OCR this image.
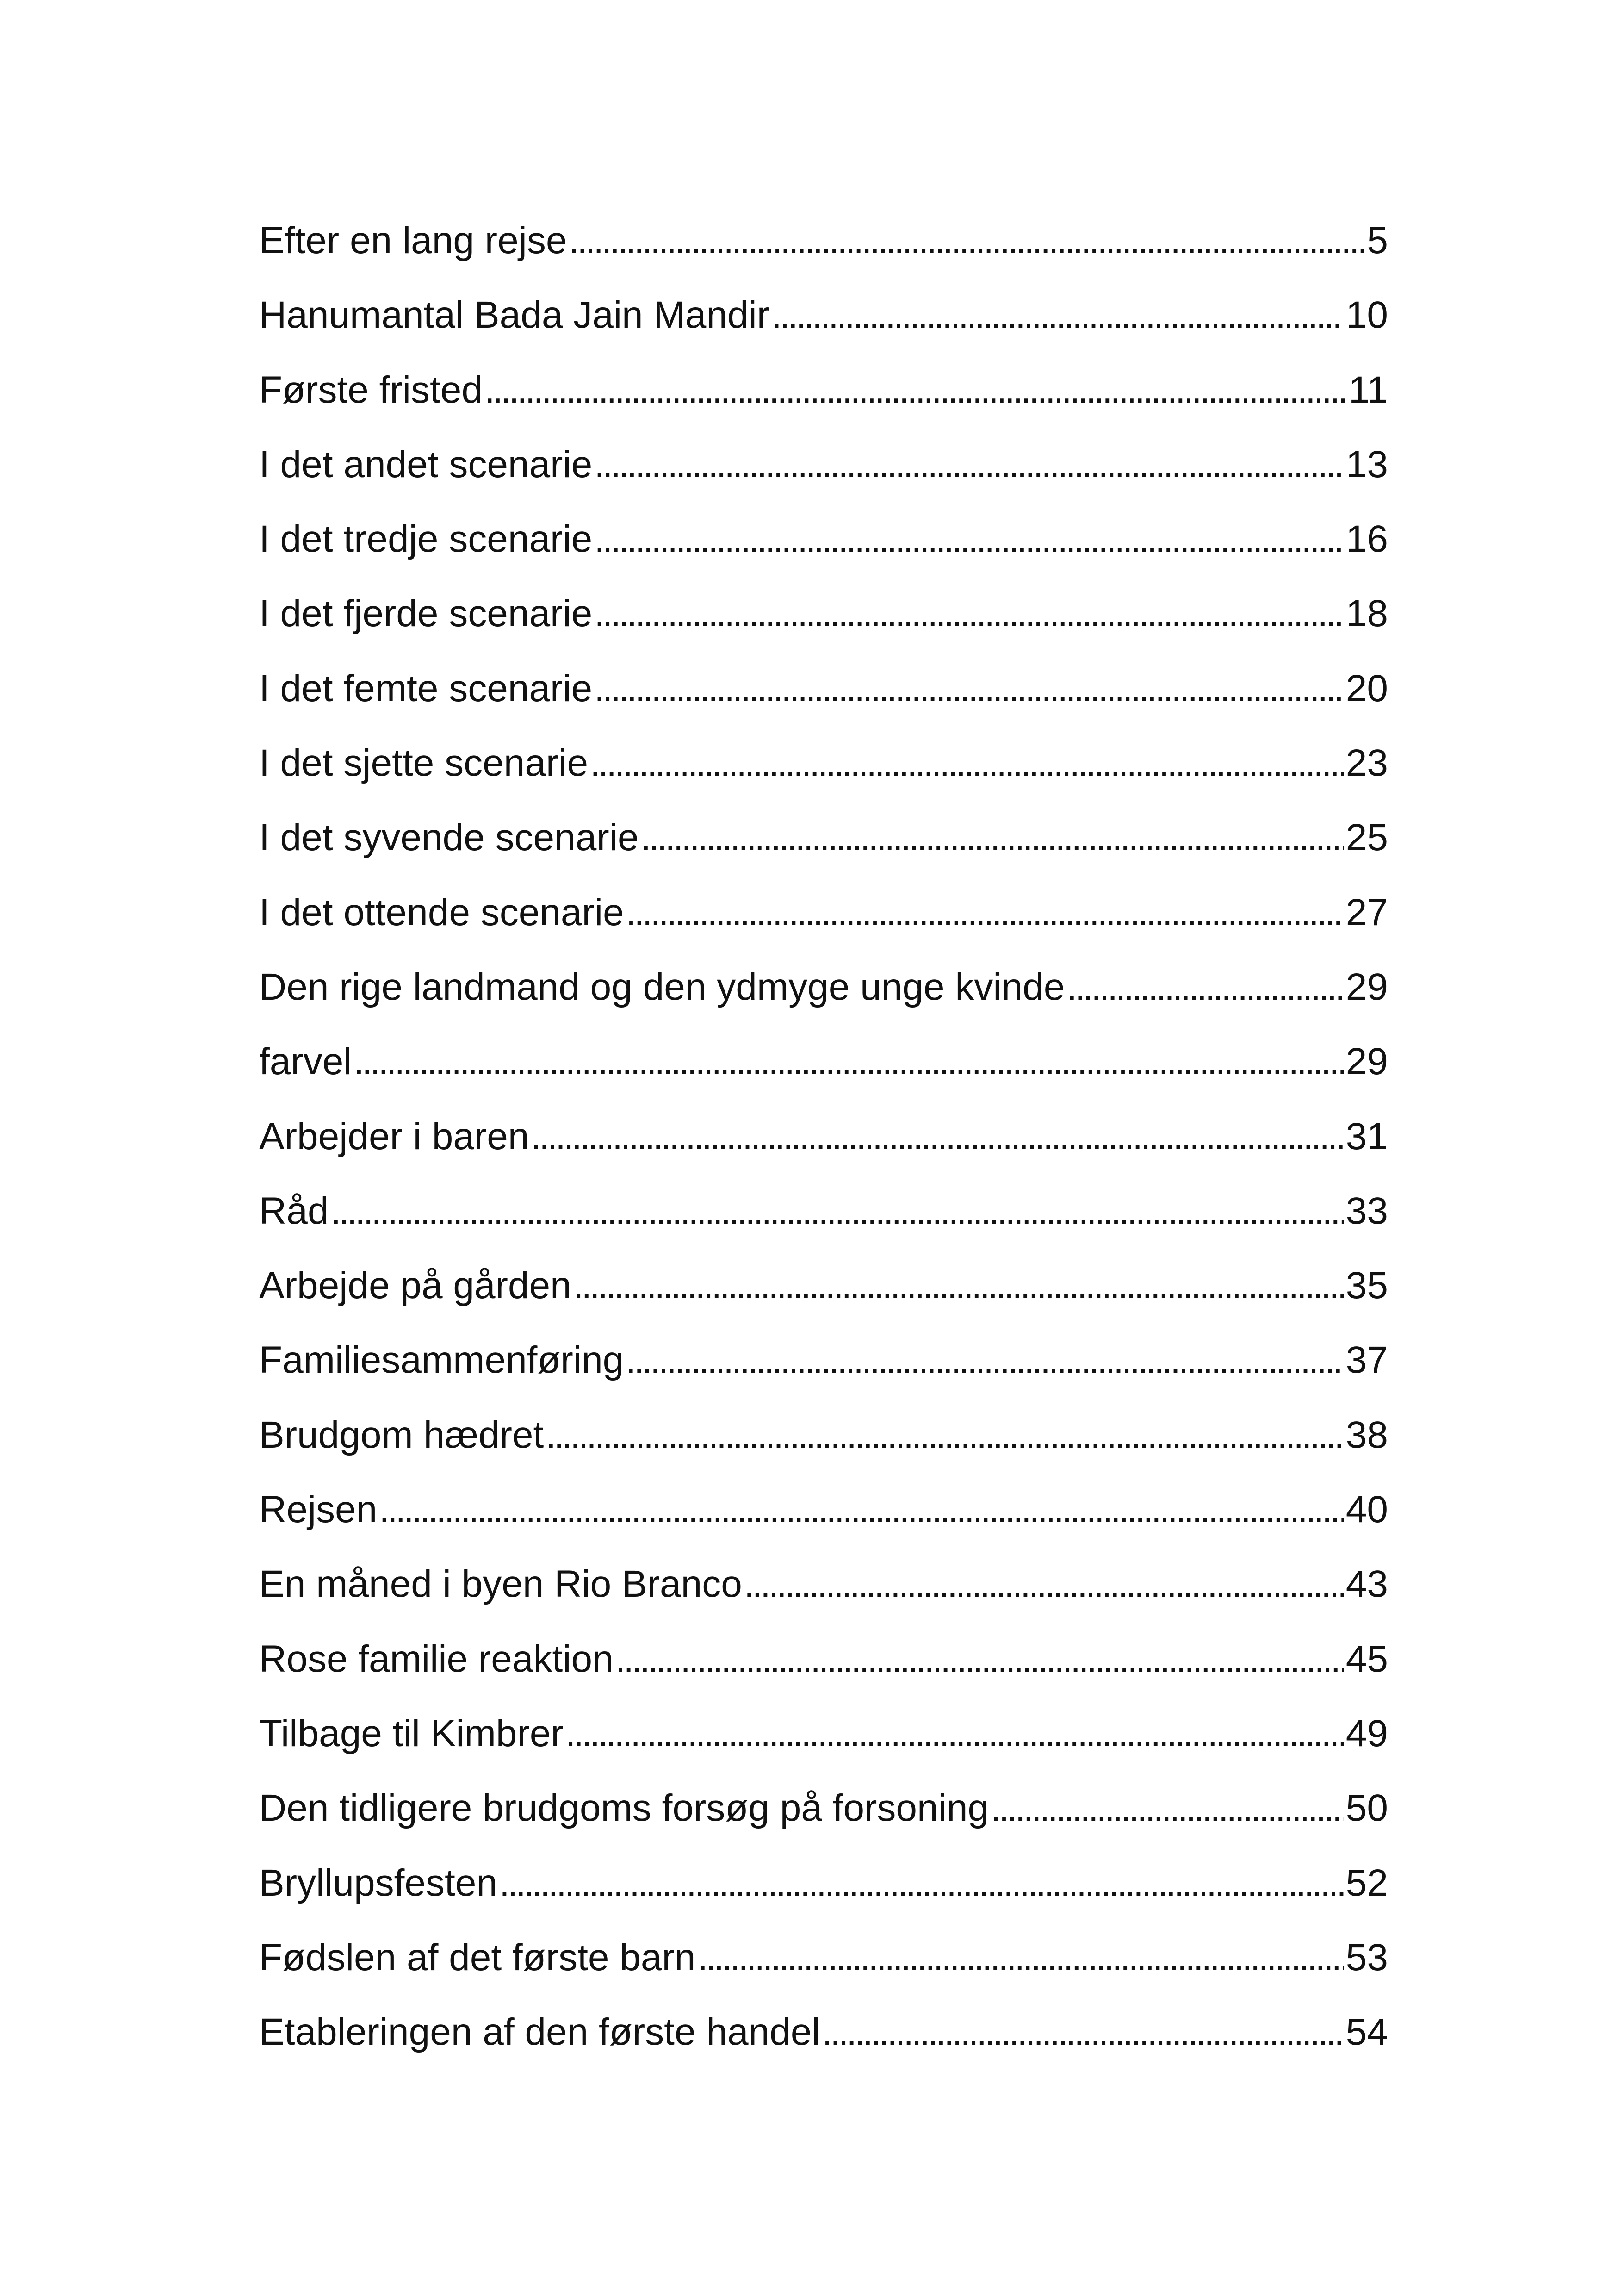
Efter en lang rejse . . .	5
Hanumantal Bada Jain Mandir . . .	10
Første fristed . . .	11
I det andet scenarie . . .	13
I det tredje scenarie . . .	16
I det fjerde scenarie . . .	18
I det femte scenarie . . .	20
I det sjette scenarie . . .	23
I det syvende scenarie . . .	25
I det ottende scenarie . . .	27
Den rige landmand og den ydmyge unge kvinde . . .	29
farvel . . .	29
Arbejder i baren . . .	31
Råd . . .	33
Arbejde på gården . . .	35
Familiesammenføring . . .	37
Brudgom hædret . . .	38
Rejsen . . .	40
En måned i byen Rio Branco . . .	43
Rose familie reaktion . . .	45
Tilbage til Kimbrer . . .	49
Den tidligere brudgoms forsøg på forsoning . . .	50
Bryllupsfesten . . .	52
Fødslen af det første barn . . .	53
Etableringen af den første handel . . .	54
